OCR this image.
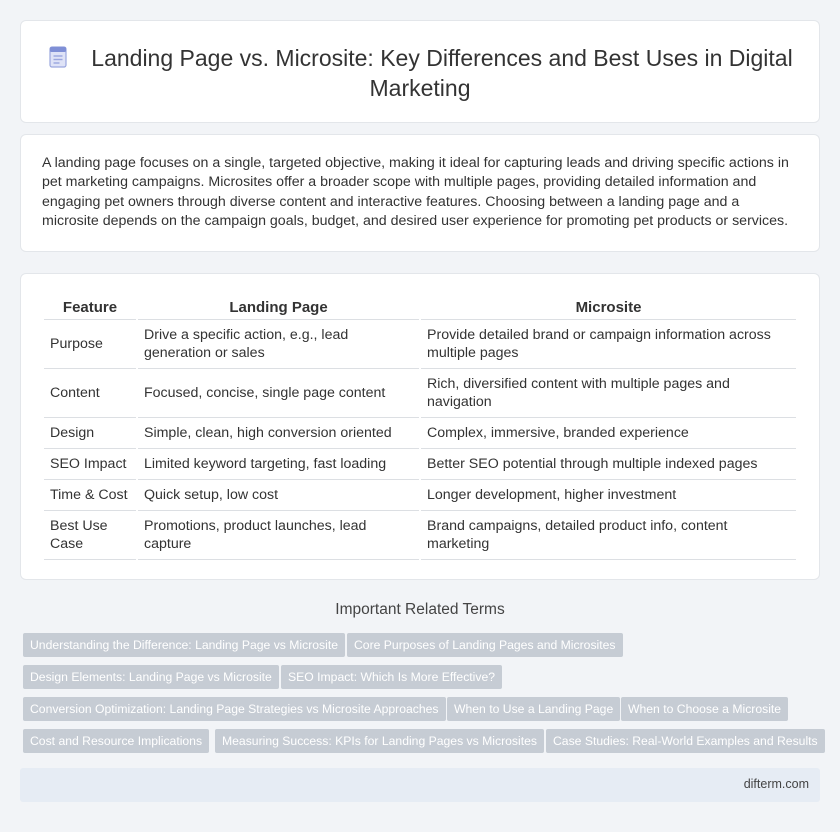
Landing Page vs. Microsite: Key Differences and Best Uses in Digital Marketing

A landing page focuses on a single, targeted objective, making it ideal for capturing leads and driving specific actions in pet marketing campaigns. Microsites offer a broader scope with multiple pages, providing detailed information and engaging pet owners through diverse content and interactive features. Choosing between a landing page and a microsite depends on the campaign goals, budget, and desired user experience for promoting pet products or services.

Feature	Landing Page	Microsite
Purpose	Drive a specific action, e.g., lead generation or sales	Provide detailed brand or campaign information across multiple pages
Content	Focused, concise, single page content	Rich, diversified content with multiple pages and navigation
Design	Simple, clean, high conversion oriented	Complex, immersive, branded experience
SEO Impact	Limited keyword targeting, fast loading	Better SEO potential through multiple indexed pages
Time & Cost	Quick setup, low cost	Longer development, higher investment
Best Use Case	Promotions, product launches, lead capture	Brand campaigns, detailed product info, content marketing
Important Related Terms
Understanding the Difference: Landing Page vs Microsite	Core Purposes of Landing Pages and Microsites
Design Elements: Landing Page vs Microsite	SEO Impact: Which Is More Effective?
Conversion Optimization: Landing Page Strategies vs Microsite Approaches	When to Use a Landing Page	When to Choose a Microsite
Cost and Resource Implications	Measuring Success: KPIs for Landing Pages vs Microsites	Case Studies: Real-World Examples and Results
difterm.com
